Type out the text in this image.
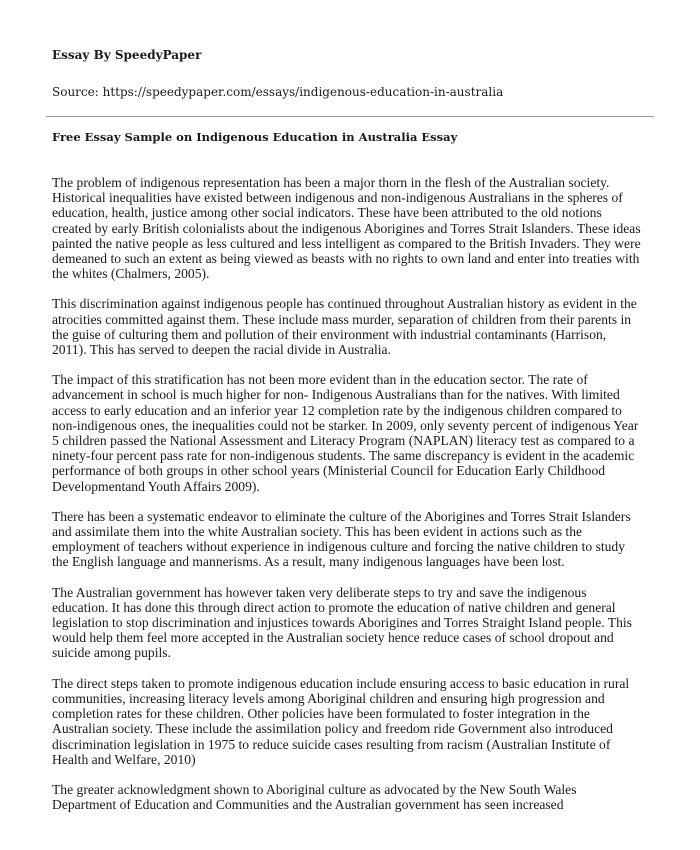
Essay By SpeedyPaper
Source: https://speedypaper.com/essays/indigenous-education-in-australia
Free Essay Sample on Indigenous Education in Australia Essay

The problem of indigenous representation has been a major thorn in the flesh of the Australian society. Historical inequalities have existed between indigenous and non-indigenous Australians in the spheres of education, health, justice among other social indicators. These have been attributed to the old notions created by early British colonialists about the indigenous Aborigines and Torres Strait Islanders. These ideas painted the native people as less cultured and less intelligent as compared to the British Invaders. They were demeaned to such an extent as being viewed as beasts with no rights to own land and enter into treaties with the whites (Chalmers, 2005).

This discrimination against indigenous people has continued throughout Australian history as evident in the atrocities committed against them. These include mass murder, separation of children from their parents in the guise of culturing them and pollution of their environment with industrial contaminants (Harrison, 2011). This has served to deepen the racial divide in Australia.

The impact of this stratification has not been more evident than in the education sector. The rate of advancement in school is much higher for non- Indigenous Australians than for the natives. With limited access to early education and an inferior year 12 completion rate by the indigenous children compared to non-indigenous ones, the inequalities could not be starker. In 2009, only seventy percent of indigenous Year 5 children passed the National Assessment and Literacy Program (NAPLAN) literacy test as compared to a ninety-four percent pass rate for non-indigenous students. The same discrepancy is evident in the academic performance of both groups in other school years (Ministerial Council for Education Early Childhood Developmentand Youth Affairs 2009).

There has been a systematic endeavor to eliminate the culture of the Aborigines and Torres Strait Islanders and assimilate them into the white Australian society. This has been evident in actions such as the employment of teachers without experience in indigenous culture and forcing the native children to study the English language and mannerisms. As a result, many indigenous languages have been lost.

The Australian government has however taken very deliberate steps to try and save the indigenous education. It has done this through direct action to promote the education of native children and general legislation to stop discrimination and injustices towards Aborigines and Torres Straight Island people. This would help them feel more accepted in the Australian society hence reduce cases of school dropout and suicide among pupils.

The direct steps taken to promote indigenous education include ensuring access to basic education in rural communities, increasing literacy levels among Aboriginal children and ensuring high progression and completion rates for these children. Other policies have been formulated to foster integration in the Australian society. These include the assimilation policy and freedom ride Government also introduced discrimination legislation in 1975 to reduce suicide cases resulting from racism (Australian Institute of Health and Welfare, 2010)

The greater acknowledgment shown to Aboriginal culture as advocated by the New South Wales Department of Education and Communities and the Australian government has seen increased
